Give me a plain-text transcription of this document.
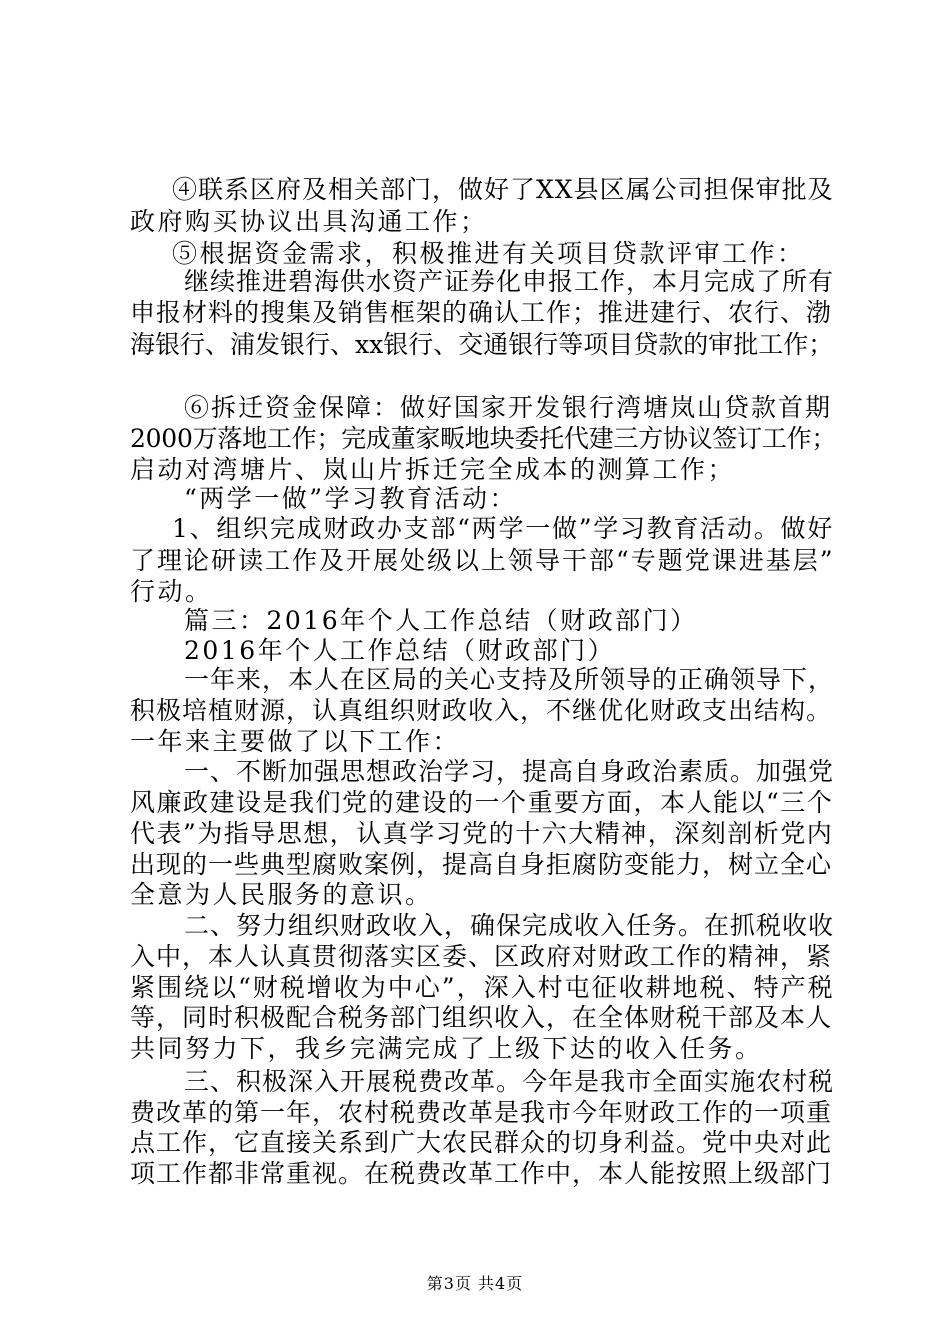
④联系区府及相关部门，做好了XX县区属公司担保审批及
政府购买协议出具沟通工作；
⑤根据资金需求，积极推进有关项目贷款评审工作：
继续推进碧海供水资产证券化申报工作，本月完成了所有
申报材料的搜集及销售框架的确认工作；推进建行、农行、渤
海银行、浦发银行、xx银行、交通银行等项目贷款的审批工作；
⑥拆迁资金保障：做好国家开发银行湾塘岚山贷款首期
2000万落地工作；完成董家畈地块委托代建三方协议签订工作；
启动对湾塘片、岚山片拆迁完全成本的测算工作；
“两学一做”学习教育活动：
1、组织完成财政办支部“两学一做”学习教育活动。做好
了理论研读工作及开展处级以上领导干部“专题党课进基层”
行动。
篇三：2016年个人工作总结（财政部门）
2016年个人工作总结（财政部门）
一年来，本人在区局的关心支持及所领导的正确领导下，
积极培植财源，认真组织财政收入，不继优化财政支出结构。
一年来主要做了以下工作：
一、不断加强思想政治学习，提高自身政治素质。加强党
风廉政建设是我们党的建设的一个重要方面，本人能以“三个
代表”为指导思想，认真学习党的十六大精神，深刻剖析党内
出现的一些典型腐败案例，提高自身拒腐防变能力，树立全心
全意为人民服务的意识。
二、努力组织财政收入，确保完成收入任务。在抓税收收
入中，本人认真贯彻落实区委、区政府对财政工作的精神，紧
紧围绕以“财税增收为中心”，深入村屯征收耕地税、特产税
等，同时积极配合税务部门组织收入，在全体财税干部及本人
共同努力下，我乡完满完成了上级下达的收入任务。
三、积极深入开展税费改革。今年是我市全面实施农村税
费改革的第一年，农村税费改革是我市今年财政工作的一项重
点工作，它直接关系到广大农民群众的切身利益。党中央对此
项工作都非常重视。在税费改革工作中，本人能按照上级部门
第3页 共4页
